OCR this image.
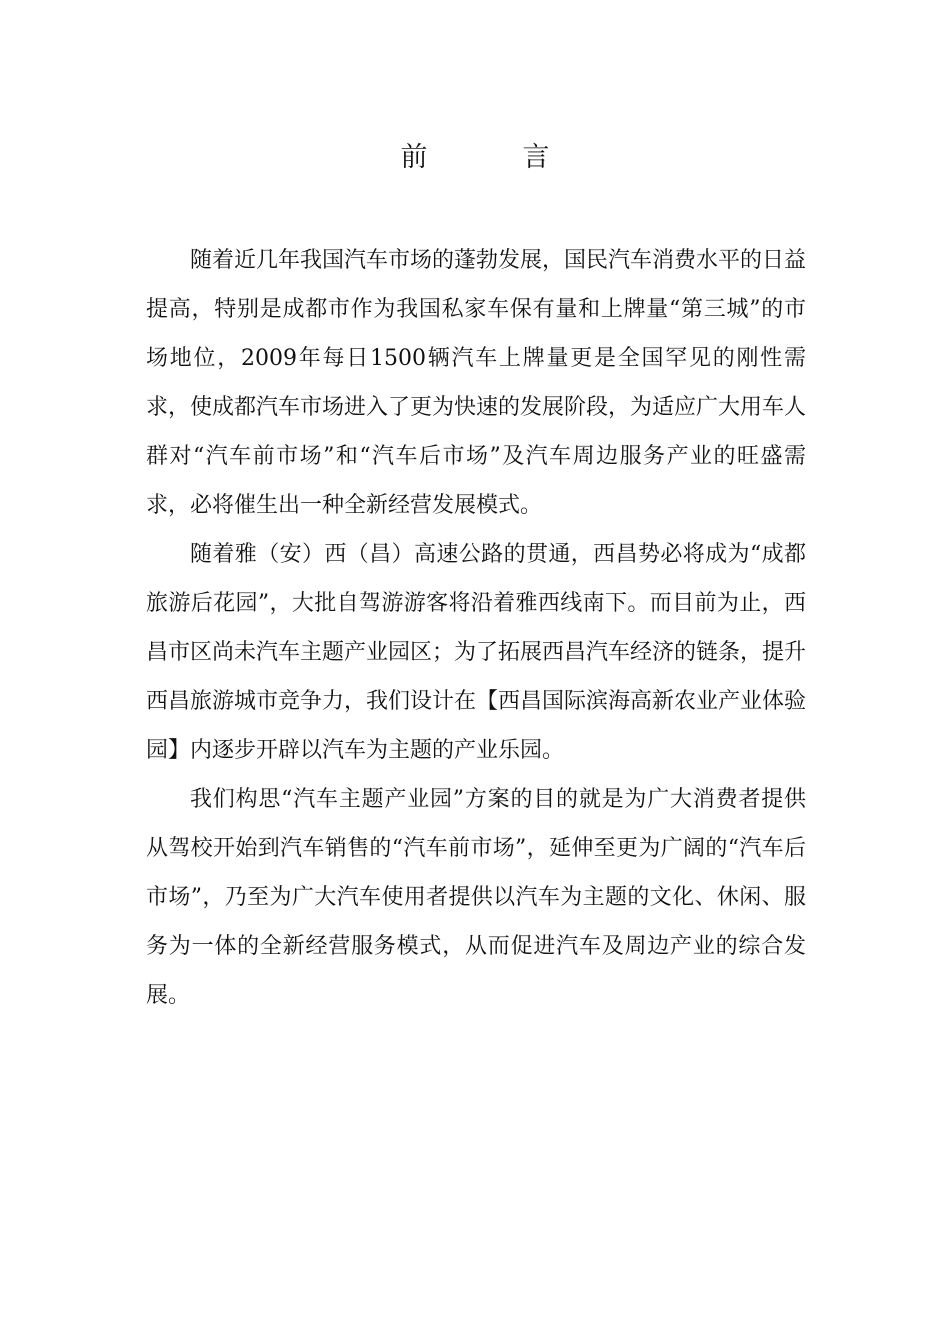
前　言

随着近几年我国汽车市场的蓬勃发展，国民汽车消费水平的日益提高，特别是成都市作为我国私家车保有量和上牌量“第三城”的市场地位，2009年每日1500辆汽车上牌量更是全国罕见的刚性需求，使成都汽车市场进入了更为快速的发展阶段，为适应广大用车人群对“汽车前市场”和“汽车后市场”及汽车周边服务产业的旺盛需求，必将催生出一种全新经营发展模式。

随着雅（安）西（昌）高速公路的贯通，西昌势必将成为“成都旅游后花园”，大批自驾游游客将沿着雅西线南下。而目前为止，西昌市区尚未汽车主题产业园区；为了拓展西昌汽车经济的链条，提升西昌旅游城市竞争力，我们设计在【西昌国际滨海高新农业产业体验园】内逐步开辟以汽车为主题的产业乐园。

我们构思“汽车主题产业园”方案的目的就是为广大消费者提供从驾校开始到汽车销售的“汽车前市场”，延伸至更为广阔的“汽车后市场”，乃至为广大汽车使用者提供以汽车为主题的文化、休闲、服务为一体的全新经营服务模式，从而促进汽车及周边产业的综合发展。
